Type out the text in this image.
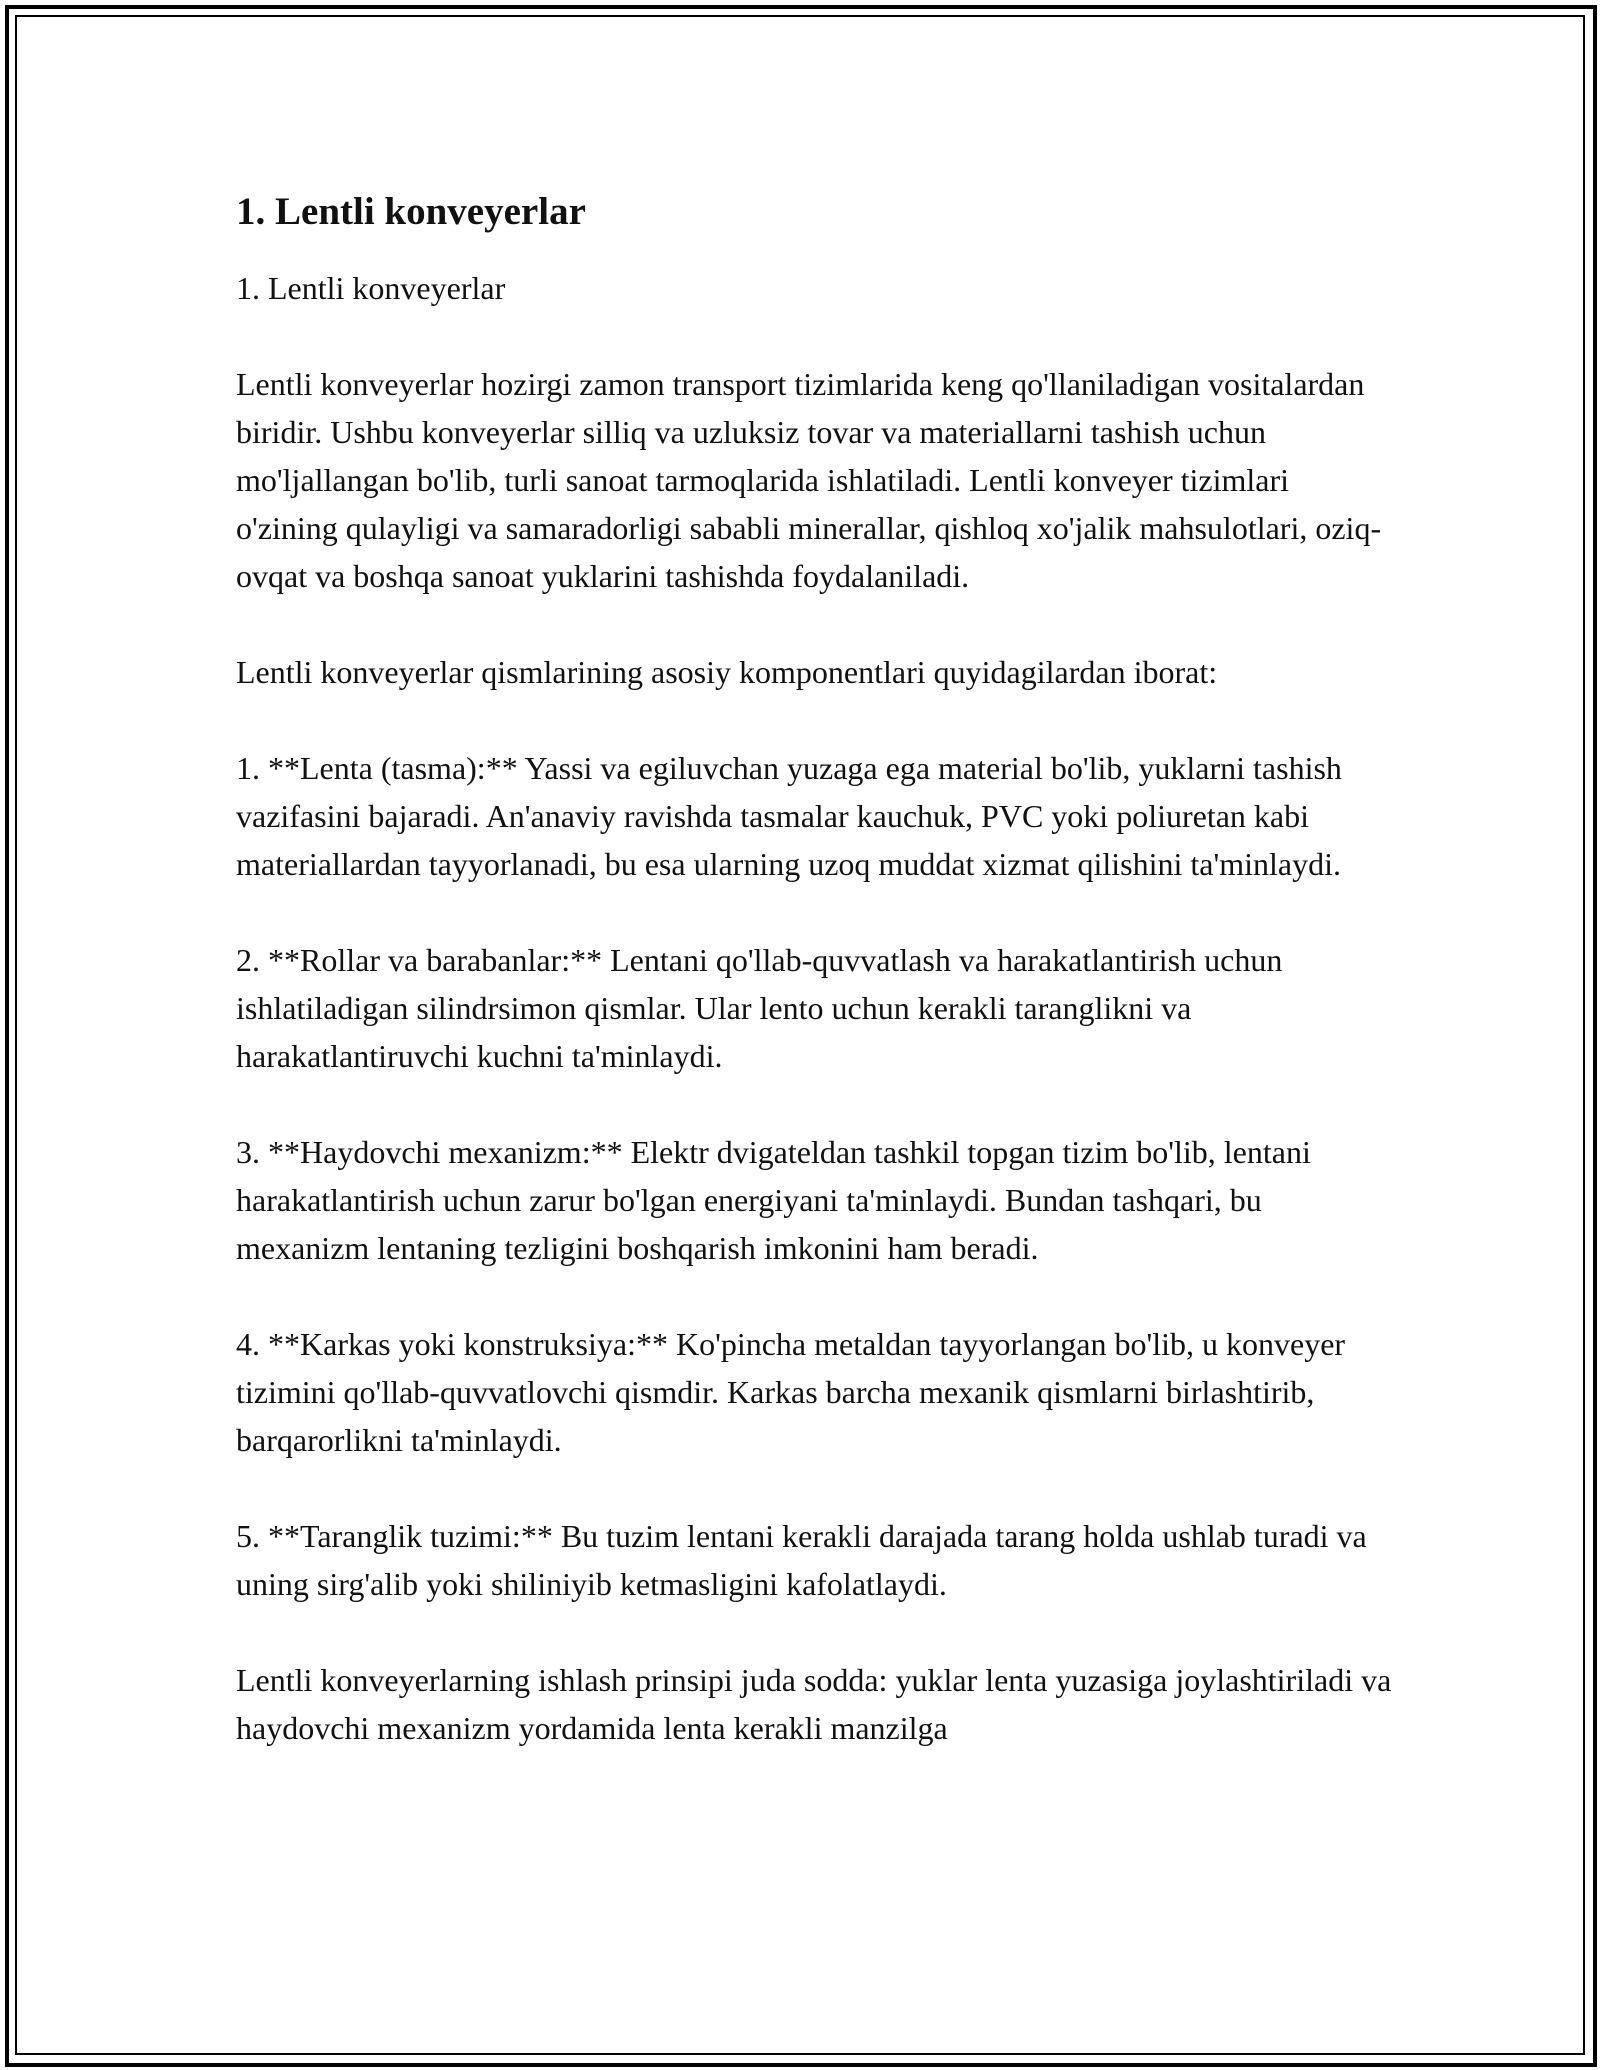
1. Lentli konveyerlar

1. Lentli konveyerlar

Lentli konveyerlar hozirgi zamon transport tizimlarida keng qo'llaniladigan vositalardan biridir. Ushbu konveyerlar silliq va uzluksiz tovar va materiallarni tashish uchun mo'ljallangan bo'lib, turli sanoat tarmoqlarida ishlatiladi. Lentli konveyer tizimlari o'zining qulayligi va samaradorligi sababli minerallar, qishloq xo'jalik mahsulotlari, oziq-ovqat va boshqa sanoat yuklarini tashishda foydalaniladi.

Lentli konveyerlar qismlarining asosiy komponentlari quyidagilardan iborat:

1. **Lenta (tasma):** Yassi va egiluvchan yuzaga ega material bo'lib, yuklarni tashish vazifasini bajaradi. An'anaviy ravishda tasmalar kauchuk, PVC yoki poliuretan kabi materiallardan tayyorlanadi, bu esa ularning uzoq muddat xizmat qilishini ta'minlaydi.

2. **Rollar va barabanlar:** Lentani qo'llab-quvvatlash va harakatlantirish uchun ishlatiladigan silindrsimon qismlar. Ular lento uchun kerakli taranglikni va harakatlantiruvchi kuchni ta'minlaydi.

3. **Haydovchi mexanizm:** Elektr dvigateldan tashkil topgan tizim bo'lib, lentani harakatlantirish uchun zarur bo'lgan energiyani ta'minlaydi. Bundan tashqari, bu mexanizm lentaning tezligini boshqarish imkonini ham beradi.

4. **Karkas yoki konstruksiya:** Ko'pincha metaldan tayyorlangan bo'lib, u konveyer tizimini qo'llab-quvvatlovchi qismdir. Karkas barcha mexanik qismlarni birlashtirib, barqarorlikni ta'minlaydi.

5. **Taranglik tuzimi:** Bu tuzim lentani kerakli darajada tarang holda ushlab turadi va uning sirg'alib yoki shiliniyib ketmasligini kafolatlaydi.

Lentli konveyerlarning ishlash prinsipi juda sodda: yuklar lenta yuzasiga joylashtiriladi va haydovchi mexanizm yordamida lenta kerakli manzilga
